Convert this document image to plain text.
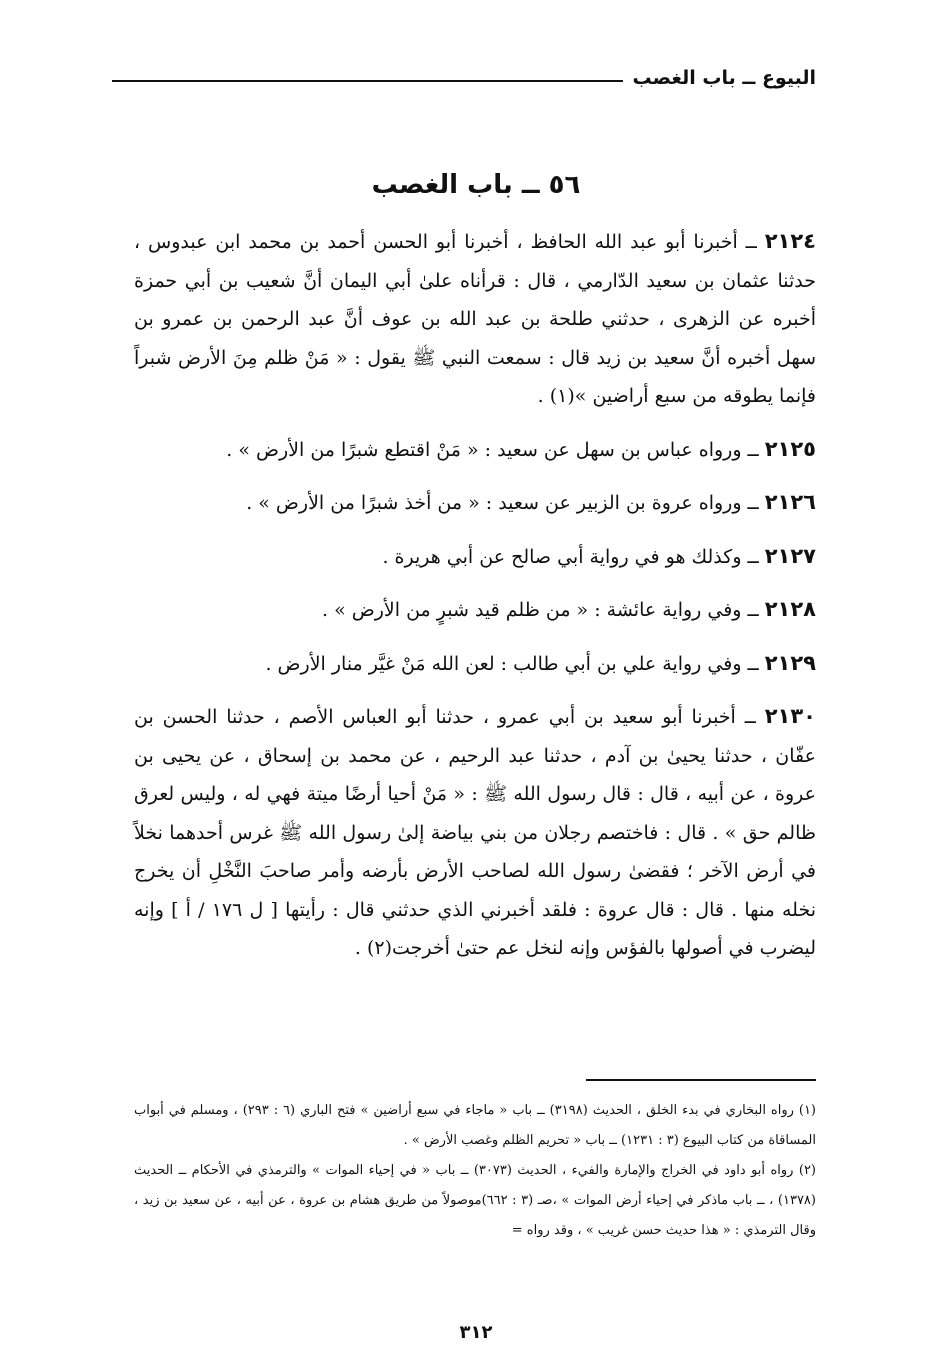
البيوع ــ باب الغصب
٥٦ ــ باب الغصب

٢١٢٤ ــ أخبرنا أبو عبد الله الحافظ ، أخبرنا أبو الحسن أحمد بن محمد ابن عبدوس ، حدثنا عثمان بن سعيد الدّارمي ، قال : قرأناه علىٰ أبي اليمان أنَّ شعيب بن أبي حمزة أخبره عن الزهرى ، حدثني طلحة بن عبد الله بن عوف أنَّ عبد الرحمن بن عمرو بن سهل أخبره أنَّ سعيد بن زيد قال : سمعت النبي ﷺ يقول : « مَنْ ظلم مِنَ الأرض شبراً فإنما يطوقه من سبع أراضين »(١) .

٢١٢٥ ــ ورواه عباس بن سهل عن سعيد : « مَنْ اقتطع شبرًا من الأرض » .

٢١٢٦ ــ ورواه عروة بن الزبير عن سعيد : « من أخذ شبرًا من الأرض » .

٢١٢٧ ــ وكذلك هو في رواية أبي صالح عن أبي هريرة .

٢١٢٨ ــ وفي رواية عائشة : « من ظلم قيد شبرٍ من الأرض » .

٢١٢٩ ــ وفي رواية علي بن أبي طالب : لعن الله مَنْ غيَّر منار الأرض .

٢١٣٠ ــ أخبرنا أبو سعيد بن أبي عمرو ، حدثنا أبو العباس الأصم ، حدثنا الحسن بن عفّان ، حدثنا يحيىٰ بن آدم ، حدثنا عبد الرحيم ، عن محمد بن إسحاق ، عن يحيى بن عروة ، عن أبيه ، قال : قال رسول الله ﷺ : « مَنْ أحيا أرضًا ميتة فهي له ، وليس لعرق ظالم حق » . قال : فاختصم رجلان من بني بياضة إلىٰ رسول الله ﷺ غرس أحدهما نخلاً في أرض الآخر ؛ فقضىٰ رسول الله لصاحب الأرض بأرضه وأمر صاحبَ النَّخْلِ أن يخرج نخله منها . قال : قال عروة : فلقد أخبرني الذي حدثني قال : رأيتها [ ل ١٧٦ / أ ] وإنه ليضرب في أصولها بالفؤس وإنه لنخل عم حتىٰ أخرجت(٢) .

(١) رواه البخاري في بدء الخلق ، الحديث (٣١٩٨) ــ باب « ماجاء في سبع أراضين » فتح الباري (٦ : ٢٩٣) ، ومسلم في أبواب المساقاة من كتاب البيوع (٣ : ١٢٣١) ــ باب « تحريم الظلم وغصب الأرض » .

(٢) رواه أبو داود في الخراج والإمارة والفيء ، الحديث (٣٠٧٣) ــ باب « في إحياء الموات » والترمذي في الأحكام ــ الحديث (١٣٧٨) ، ــ باب ماذكر في إحياء أرض الموات » ،صـ (٣ : ٦٦٢)موصولاً من طريق هشام بن عروة ، عن أبيه ، عن سعيد بن زيد ، وقال الترمذي : « هذا حديث حسن غريب » ، وقد رواه =

٣١٢
